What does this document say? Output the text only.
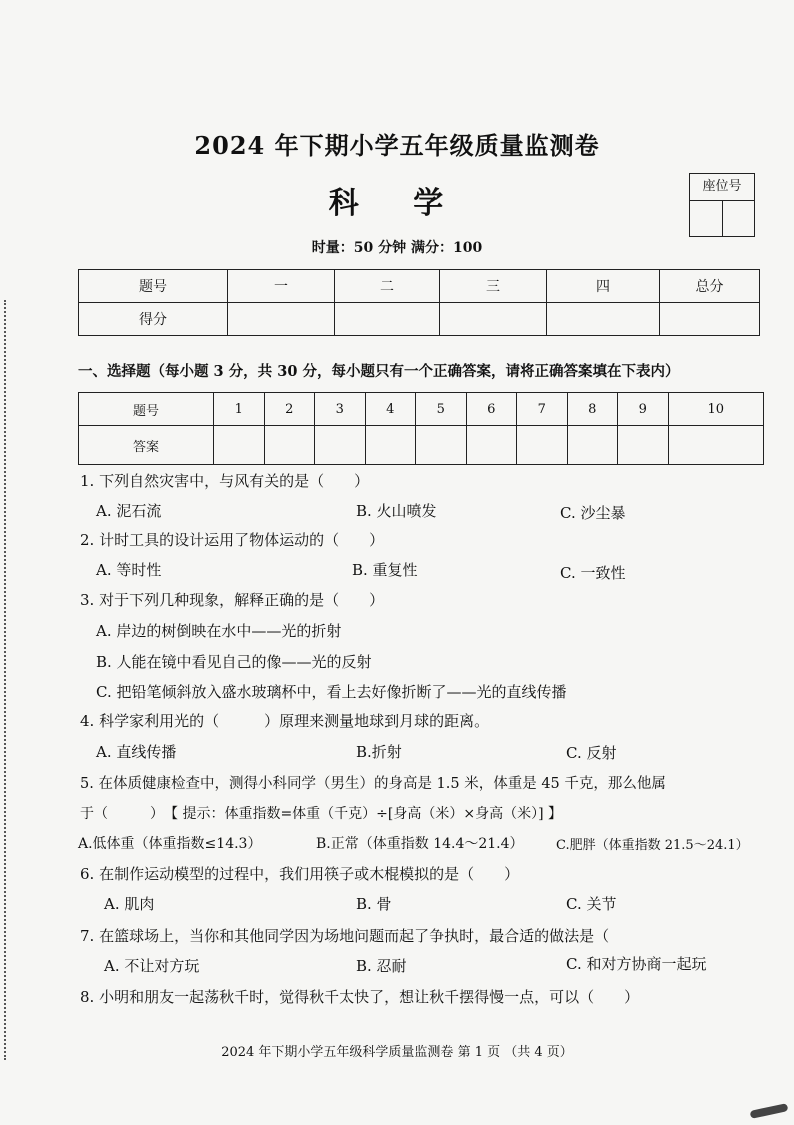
2024 年下期小学五年级质量监测卷
科 学	座位号
时量：50 分钟 满分：100
题号	一	二	三	四	总分
得分					
一、选择题（每小题 3 分，共 30 分，每小题只有一个正确答案，请将正确答案填在下表内）
题号	1	2	3	4	5	6	7	8	9	10
答案										
1. 下列自然灾害中，与风有关的是（　　）
A. 泥石流	B. 火山喷发	C. 沙尘暴
2. 计时工具的设计运用了物体运动的（　　）
A. 等时性	B. 重复性	C. 一致性
3. 对于下列几种现象，解释正确的是（　　）
A. 岸边的树倒映在水中——光的折射
B. 人能在镜中看见自己的像——光的反射
C. 把铅笔倾斜放入盛水玻璃杯中，看上去好像折断了——光的直线传播
4. 科学家利用光的（　　　）原理来测量地球到月球的距离。
A. 直线传播	B.折射	C. 反射
5. 在体质健康检查中，测得小科同学（男生）的身高是 1.5 米，体重是 45 千克，那么他属
于（　　　）　【 提示：体重指数=体重（千克）÷[身高（米）×身高（米）] 】
A.低体重（体重指数≤14.3）	B.正常（体重指数 14.4～21.4） C.肥胖（体重指数 21.5～24.1）
6. 在制作运动模型的过程中，我们用筷子或木棍模拟的是（　　）
A. 肌肉	B. 骨	C. 关节
7. 在篮球场上，当你和其他同学因为场地问题而起了争执时，最合适的做法是（
A. 不让对方玩	B. 忍耐	C. 和对方协商一起玩
8. 小明和朋友一起荡秋千时，觉得秋千太快了，想让秋千摆得慢一点，可以（　　）
2024 年下期小学五年级科学质量监测卷 第 1 页 （共 4 页）
